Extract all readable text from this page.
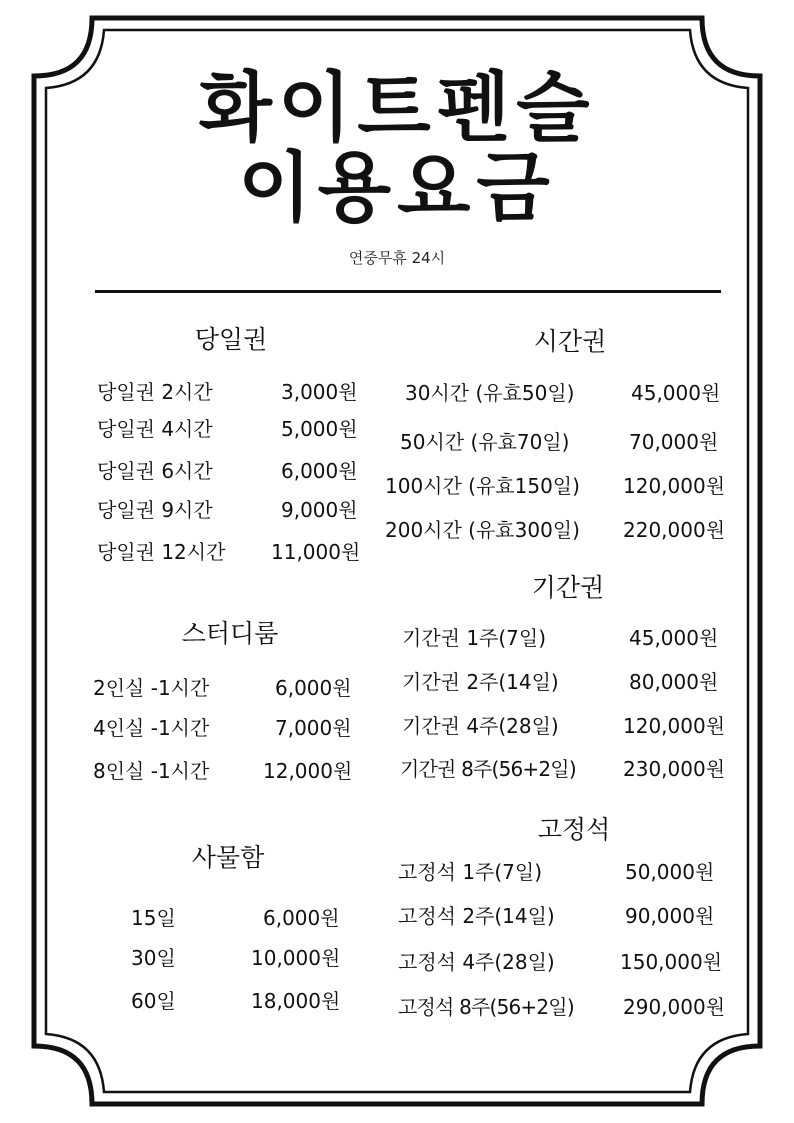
화이트펜슬
이용요금
연중무휴 24시
당일권
당일권 2시간	3,000원
당일권 4시간	5,000원
당일권 6시간	6,000원
당일권 9시간	9,000원
당일권 12시간 11,000원
시간권
30시간 (유효50일)	45,000원
50시간 (유효70일)	70,000원
100시간 (유효150일) 120,000원
200시간 (유효300일) 220,000원
스터디룸
2인실 -1시간	6,000원
4인실 -1시간	7,000원
8인실 -1시간	12,000원
기간권
기간권 1주(7일)	45,000원
기간권 2주(14일)	80,000원
기간권 4주(28일)	120,000원
기간권 8주(56+2일) 230,000원
사물함
15일	6,000원
30일	10,000원
60일	18,000원
고정석
고정석 1주(7일)	50,000원
고정석 2주(14일)	90,000원
고정석 4주(28일)	150,000원
고정석 8주(56+2일) 290,000원
